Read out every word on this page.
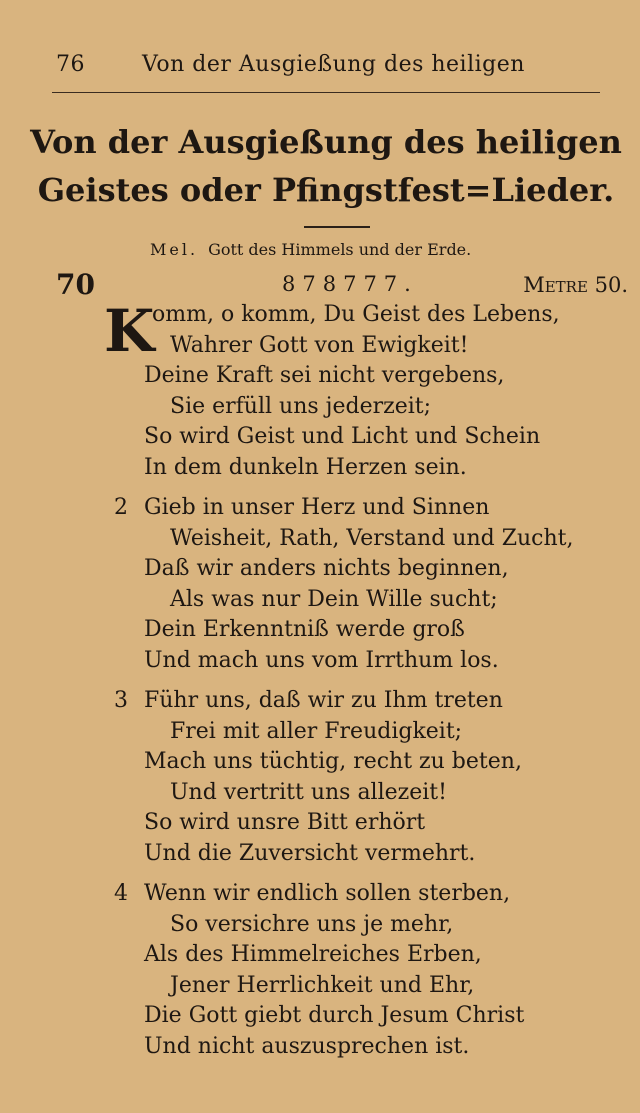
76	Von der Ausgießung des heiligen
Von der Ausgießung des heiligen
Geistes oder Pfingstfest=Lieder.
Mel. Gott des Himmels und der Erde.
70	878777.	Metre 50.
K
omm, o komm, Du Geist des Lebens,
Wahrer Gott von Ewigkeit!
Deine Kraft sei nicht vergebens,
Sie erfüll uns jederzeit;
So wird Geist und Licht und Schein
In dem dunkeln Herzen sein.
2 Gieb in unser Herz und Sinnen
Weisheit, Rath, Verstand und Zucht,
Daß wir anders nichts beginnen,
Als was nur Dein Wille sucht;
Dein Erkenntniß werde groß
Und mach uns vom Irrthum los.
3 Führ uns, daß wir zu Ihm treten
Frei mit aller Freudigkeit;
Mach uns tüchtig, recht zu beten,
Und vertritt uns allezeit!
So wird unsre Bitt erhört
Und die Zuversicht vermehrt.
4 Wenn wir endlich sollen sterben,
So versichre uns je mehr,
Als des Himmelreiches Erben,
Jener Herrlichkeit und Ehr,
Die Gott giebt durch Jesum Christ
Und nicht auszusprechen ist.
